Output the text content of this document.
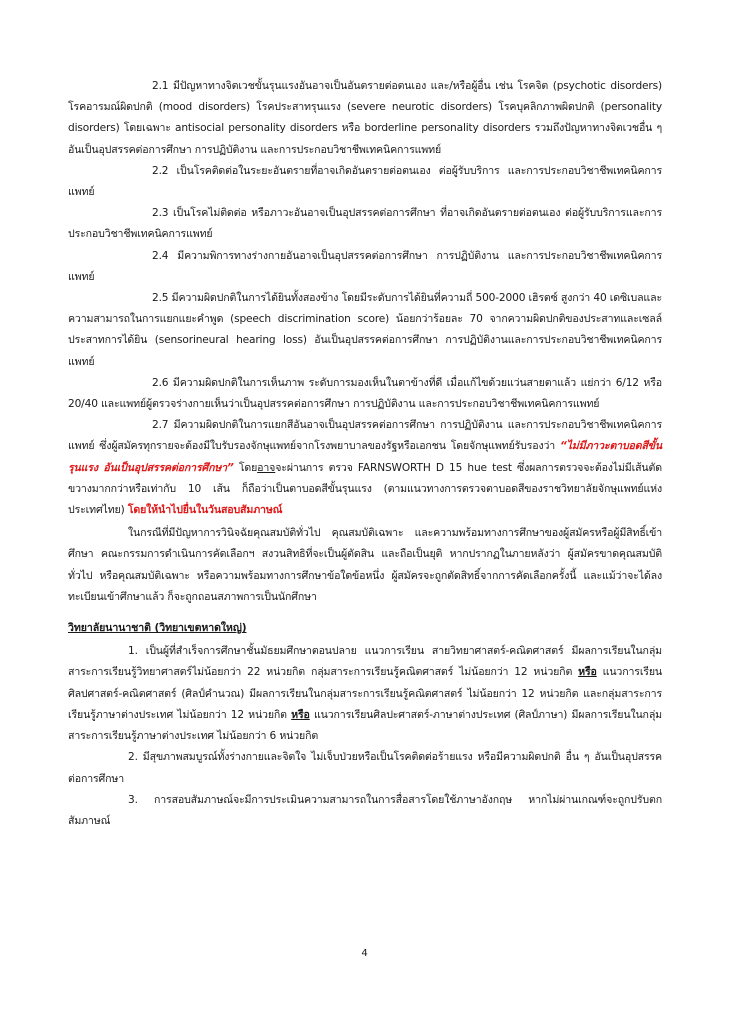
2.1 มีปัญหาทางจิตเวชขั้นรุนแรงอันอาจเป็นอันตรายต่อตนเอง และ/หรือผู้อื่น เช่น โรคจิต (psychotic disorders) โรคอารมณ์ผิดปกติ (mood disorders) โรคประสาทรุนแรง (severe neurotic disorders) โรคบุคลิกภาพผิดปกติ (personality disorders) โดยเฉพาะ antisocial personality disorders หรือ borderline personality disorders รวมถึงปัญหาทางจิตเวชอื่น ๆ อันเป็นอุปสรรคต่อการศึกษา การปฏิบัติงาน และการประกอบวิชาชีพเทคนิคการแพทย์

2.2 เป็นโรคติดต่อในระยะอันตรายที่อาจเกิดอันตรายต่อตนเอง ต่อผู้รับบริการ และการประกอบวิชาชีพเทคนิคการแพทย์

2.3 เป็นโรคไม่ติดต่อ หรือภาวะอันอาจเป็นอุปสรรคต่อการศึกษา ที่อาจเกิดอันตรายต่อตนเอง ต่อผู้รับบริการและการประกอบวิชาชีพเทคนิคการแพทย์

2.4 มีความพิการทางร่างกายอันอาจเป็นอุปสรรคต่อการศึกษา การปฏิบัติงาน และการประกอบวิชาชีพเทคนิคการแพทย์

2.5 มีความผิดปกติในการได้ยินทั้งสองข้าง โดยมีระดับการได้ยินที่ความถี่ 500-2000 เฮิรตซ์ สูงกว่า 40 เดซิเบลและความสามารถในการแยกแยะคำพูด (speech discrimination score) น้อยกว่าร้อยละ 70 จากความผิดปกติของประสาทและเซลล์ประสาทการได้ยิน (sensorineural hearing loss) อันเป็นอุปสรรคต่อการศึกษา การปฏิบัติงานและการประกอบวิชาชีพเทคนิคการแพทย์

2.6 มีความผิดปกติในการเห็นภาพ ระดับการมองเห็นในตาข้างที่ดี เมื่อแก้ไขด้วยแว่นสายตาแล้ว แย่กว่า 6/12 หรือ 20/40 และแพทย์ผู้ตรวจร่างกายเห็นว่าเป็นอุปสรรคต่อการศึกษา การปฏิบัติงาน และการประกอบวิชาชีพเทคนิคการแพทย์

2.7 มีความผิดปกติในการแยกสีอันอาจเป็นอุปสรรคต่อการศึกษา การปฏิบัติงาน และการประกอบวิชาชีพเทคนิคการแพทย์ ซึ่งผู้สมัครทุกรายจะต้องมีใบรับรองจักษุแพทย์จากโรงพยาบาลของรัฐหรือเอกชน โดยจักษุแพทย์รับรองว่า “ไม่มีภาวะตาบอดสีขั้นรุนแรง อันเป็นอุปสรรคต่อการศึกษา” โดยอาจจะผ่านการ ตรวจ FARNSWORTH D 15 hue test ซึ่งผลการตรวจจะต้องไม่มีเส้นตัดขวางมากกว่าหรือเท่ากับ 10 เส้น ก็ถือว่าเป็นตาบอดสีขั้นรุนแรง (ตามแนวทางการตรวจตาบอดสีของราชวิทยาลัยจักษุแพทย์แห่งประเทศไทย) โดยให้นำไปยื่นในวันสอบสัมภาษณ์

ในกรณีที่มีปัญหาการวินิจฉัยคุณสมบัติทั่วไป คุณสมบัติเฉพาะ และความพร้อมทางการศึกษาของผู้สมัครหรือผู้มีสิทธิ์เข้าศึกษา คณะกรรมการดำเนินการคัดเลือกฯ สงวนสิทธิที่จะเป็นผู้ตัดสิน และถือเป็นยุติ หากปรากฏในภายหลังว่า ผู้สมัครขาดคุณสมบัติทั่วไป หรือคุณสมบัติเฉพาะ หรือความพร้อมทางการศึกษาข้อใดข้อหนึ่ง ผู้สมัครจะถูกตัดสิทธิ์จากการคัดเลือกครั้งนี้ และแม้ว่าจะได้ลงทะเบียนเข้าศึกษาแล้ว ก็จะถูกถอนสภาพการเป็นนักศึกษา

วิทยาลัยนานาชาติ (วิทยาเขตหาดใหญ่)

1. เป็นผู้ที่สำเร็จการศึกษาชั้นมัธยมศึกษาตอนปลาย แนวการเรียน สายวิทยาศาสตร์-คณิตศาสตร์ มีผลการเรียนในกลุ่มสาระการเรียนรู้วิทยาศาสตร์ไม่น้อยกว่า 22 หน่วยกิต กลุ่มสาระการเรียนรู้คณิตศาสตร์ ไม่น้อยกว่า 12 หน่วยกิต หรือ แนวการเรียนศิลปศาสตร์-คณิตศาสตร์ (ศิลป์คำนวณ) มีผลการเรียนในกลุ่มสาระการเรียนรู้คณิตศาสตร์ ไม่น้อยกว่า 12 หน่วยกิต และกลุ่มสาระการเรียนรู้ภาษาต่างประเทศ ไม่น้อยกว่า 12 หน่วยกิต หรือ แนวการเรียนศิลปะศาสตร์-ภาษาต่างประเทศ (ศิลป์ภาษา) มีผลการเรียนในกลุ่มสาระการเรียนรู้ภาษาต่างประเทศ ไม่น้อยกว่า 6 หน่วยกิต

2. มีสุขภาพสมบูรณ์ทั้งร่างกายและจิตใจ ไม่เจ็บป่วยหรือเป็นโรคติดต่อร้ายแรง หรือมีความผิดปกติ อื่น ๆ อันเป็นอุปสรรคต่อการศึกษา

3. การสอบสัมภาษณ์จะมีการประเมินความสามารถในการสื่อสารโดยใช้ภาษาอังกฤษ หากไม่ผ่านเกณฑ์จะถูกปรับตกสัมภาษณ์

4
